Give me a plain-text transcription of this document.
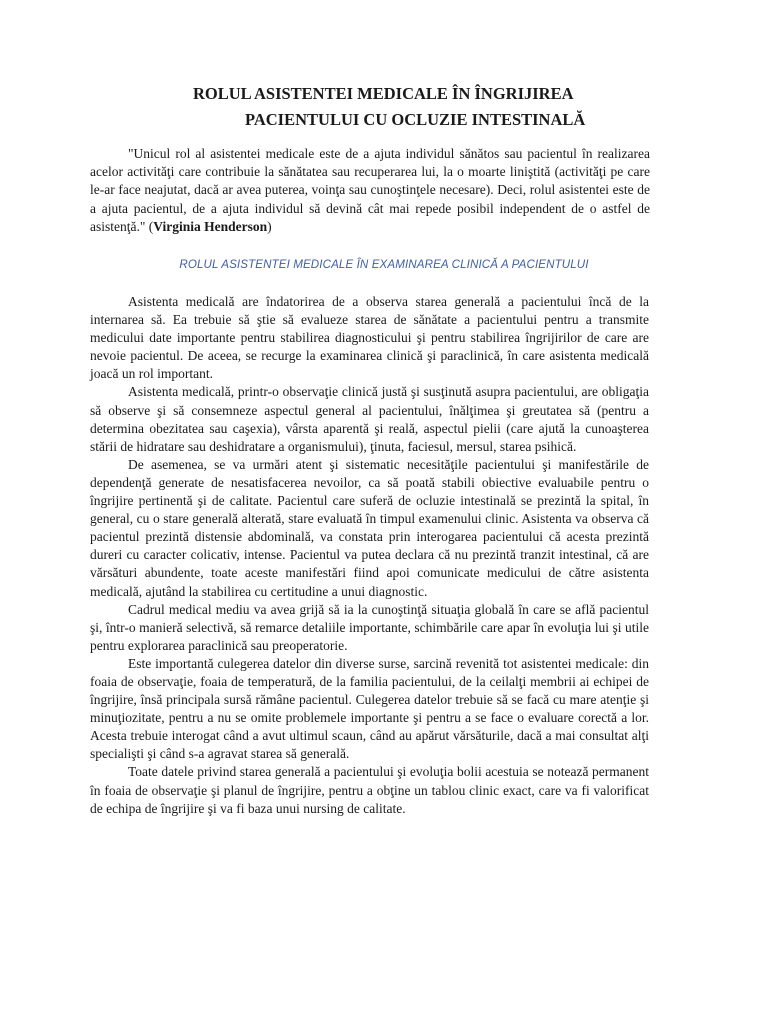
ROLUL ASISTENTEI MEDICALE ÎN ÎNGRIJIREA
PACIENTULUI CU OCLUZIE INTESTINALĂ

"Unicul rol al asistentei medicale este de a ajuta individul sănătos sau pacientul în realizarea acelor activităţi care contribuie la sănătatea sau recuperarea lui, la o moarte liniştită (activităţi pe care le-ar face neajutat, dacă ar avea puterea, voinţa sau cunoştinţele necesare). Deci, rolul asistentei este de a ajuta pacientul, de a ajuta individul să devină cât mai repede posibil independent de o astfel de asistenţă." (Virginia Henderson)

ROLUL ASISTENTEI MEDICALE ÎN EXAMINAREA CLINICĂ A PACIENTULUI

Asistenta medicală are îndatorirea de a observa starea generală a pacientului încă de la internarea să. Ea trebuie să ştie să evalueze starea de sănătate a pacientului pentru a transmite medicului date importante pentru stabilirea diagnosticului şi pentru stabilirea îngrijirilor de care are nevoie pacientul. De aceea, se recurge la examinarea clinică şi paraclinică, în care asistenta medicală joacă un rol important.

Asistenta medicală, printr-o observaţie clinică justă şi susţinută asupra pacientului, are obligaţia să observe şi să consemneze aspectul general al pacientului, înălţimea şi greutatea să (pentru a determina obezitatea sau caşexia), vârsta aparentă şi reală, aspectul pielii (care ajută la cunoaşterea stării de hidratare sau deshidratare a organismului), ţinuta, faciesul, mersul, starea psihică.

De asemenea, se va urmări atent şi sistematic necesităţile pacientului şi manifestările de dependenţă generate de nesatisfacerea nevoilor, ca să poată stabili obiective evaluabile pentru o îngrijire pertinentă şi de calitate. Pacientul care suferă de ocluzie intestinală se prezintă la spital, în general, cu o stare generală alterată, stare evaluată în timpul examenului clinic. Asistenta va observa că pacientul prezintă distensie abdominală, va constata prin interogarea pacientului că acesta prezintă dureri cu caracter colicativ, intense. Pacientul va putea declara că nu prezintă tranzit intestinal, că are vărsături abundente, toate aceste manifestări fiind apoi comunicate medicului de către asistenta medicală, ajutând la stabilirea cu certitudine a unui diagnostic.

Cadrul medical mediu va avea grijă să ia la cunoştinţă situaţia globală în care se află pacientul şi, într-o manieră selectivă, să remarce detaliile importante, schimbările care apar în evoluţia lui şi utile pentru explorarea paraclinică sau preoperatorie.

Este importantă culegerea datelor din diverse surse, sarcină revenită tot asistentei medicale: din foaia de observaţie, foaia de temperatură, de la familia pacientului, de la ceilalţi membrii ai echipei de îngrijire, însă principala sursă rămâne pacientul. Culegerea datelor trebuie să se facă cu mare atenţie şi minuţiozitate, pentru a nu se omite problemele importante şi pentru a se face o evaluare corectă a lor. Acesta trebuie interogat când a avut ultimul scaun, când au apărut vărsăturile, dacă a mai consultat alţi specialişti şi când s-a agravat starea să generală.

Toate datele privind starea generală a pacientului şi evoluţia bolii acestuia se notează permanent în foaia de observaţie şi planul de îngrijire, pentru a obţine un tablou clinic exact, care va fi valorificat de echipa de îngrijire şi va fi baza unui nursing de calitate.
